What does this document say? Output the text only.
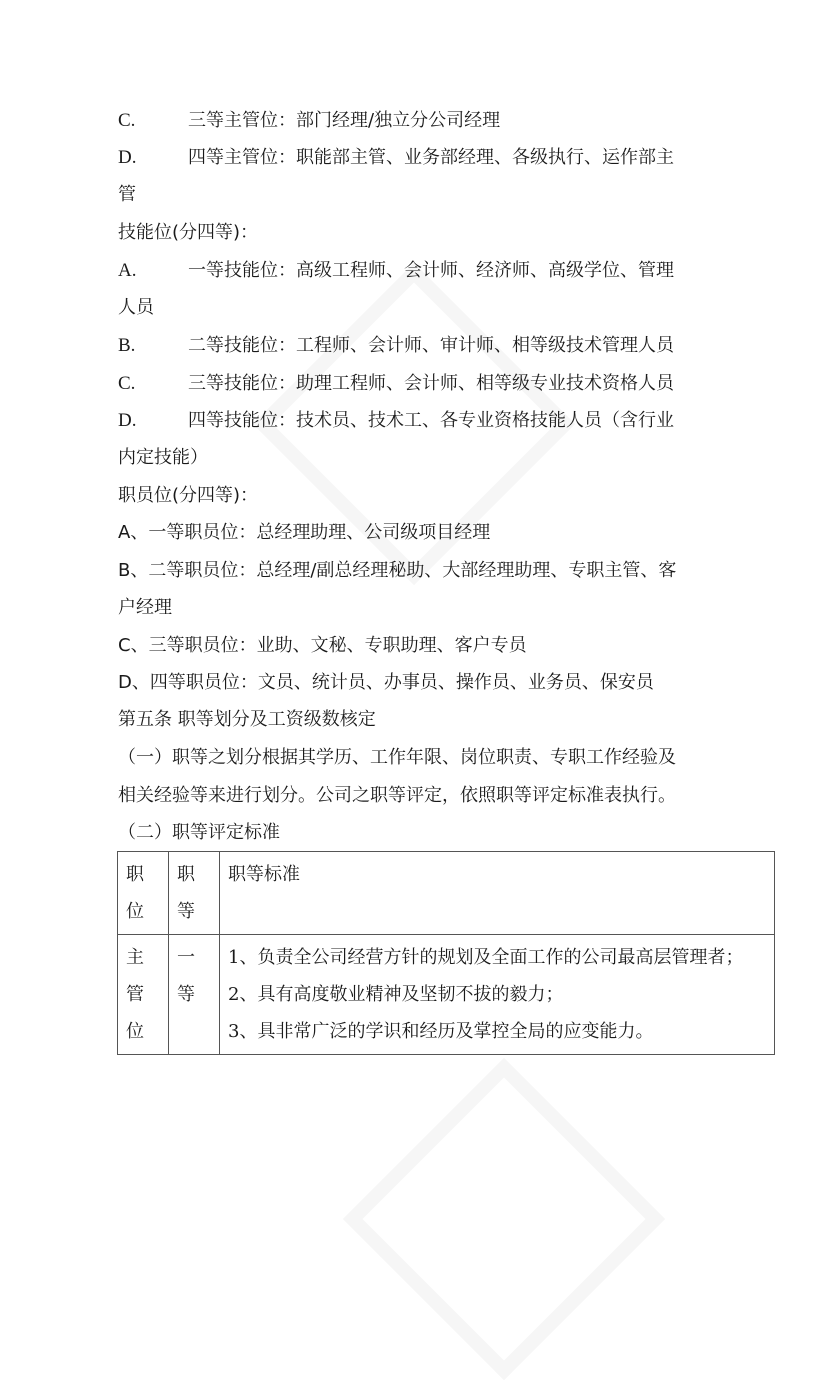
C.	三等主管位：部门经理/独立分公司经理
D.	四等主管位：职能部主管、业务部经理、各级执行、运作部主
管
技能位(分四等)：
A.	一等技能位：高级工程师、会计师、经济师、高级学位、管理
人员
B.	二等技能位：工程师、会计师、审计师、相等级技术管理人员
C.	三等技能位：助理工程师、会计师、相等级专业技术资格人员
D.	四等技能位：技术员、技术工、各专业资格技能人员（含行业
内定技能）
职员位(分四等)：
A、一等职员位：总经理助理、公司级项目经理
B、二等职员位：总经理/副总经理秘助、大部经理助理、专职主管、客
户经理
C、三等职员位：业助、文秘、专职助理、客户专员
D、四等职员位：文员、统计员、办事员、操作员、业务员、保安员
第五条 职等划分及工资级数核定
（一）职等之划分根据其学历、工作年限、岗位职责、专职工作经验及
相关经验等来进行划分。公司之职等评定，依照职等评定标准表执行。
（二）职等评定标准
职
位	职
等	职等标准

主
管
位	一
等	1、负责全公司经营方针的规划及全面工作的公司最高层管理者；
2、具有高度敬业精神及坚韧不拔的毅力；
3、具非常广泛的学识和经历及掌控全局的应变能力。
